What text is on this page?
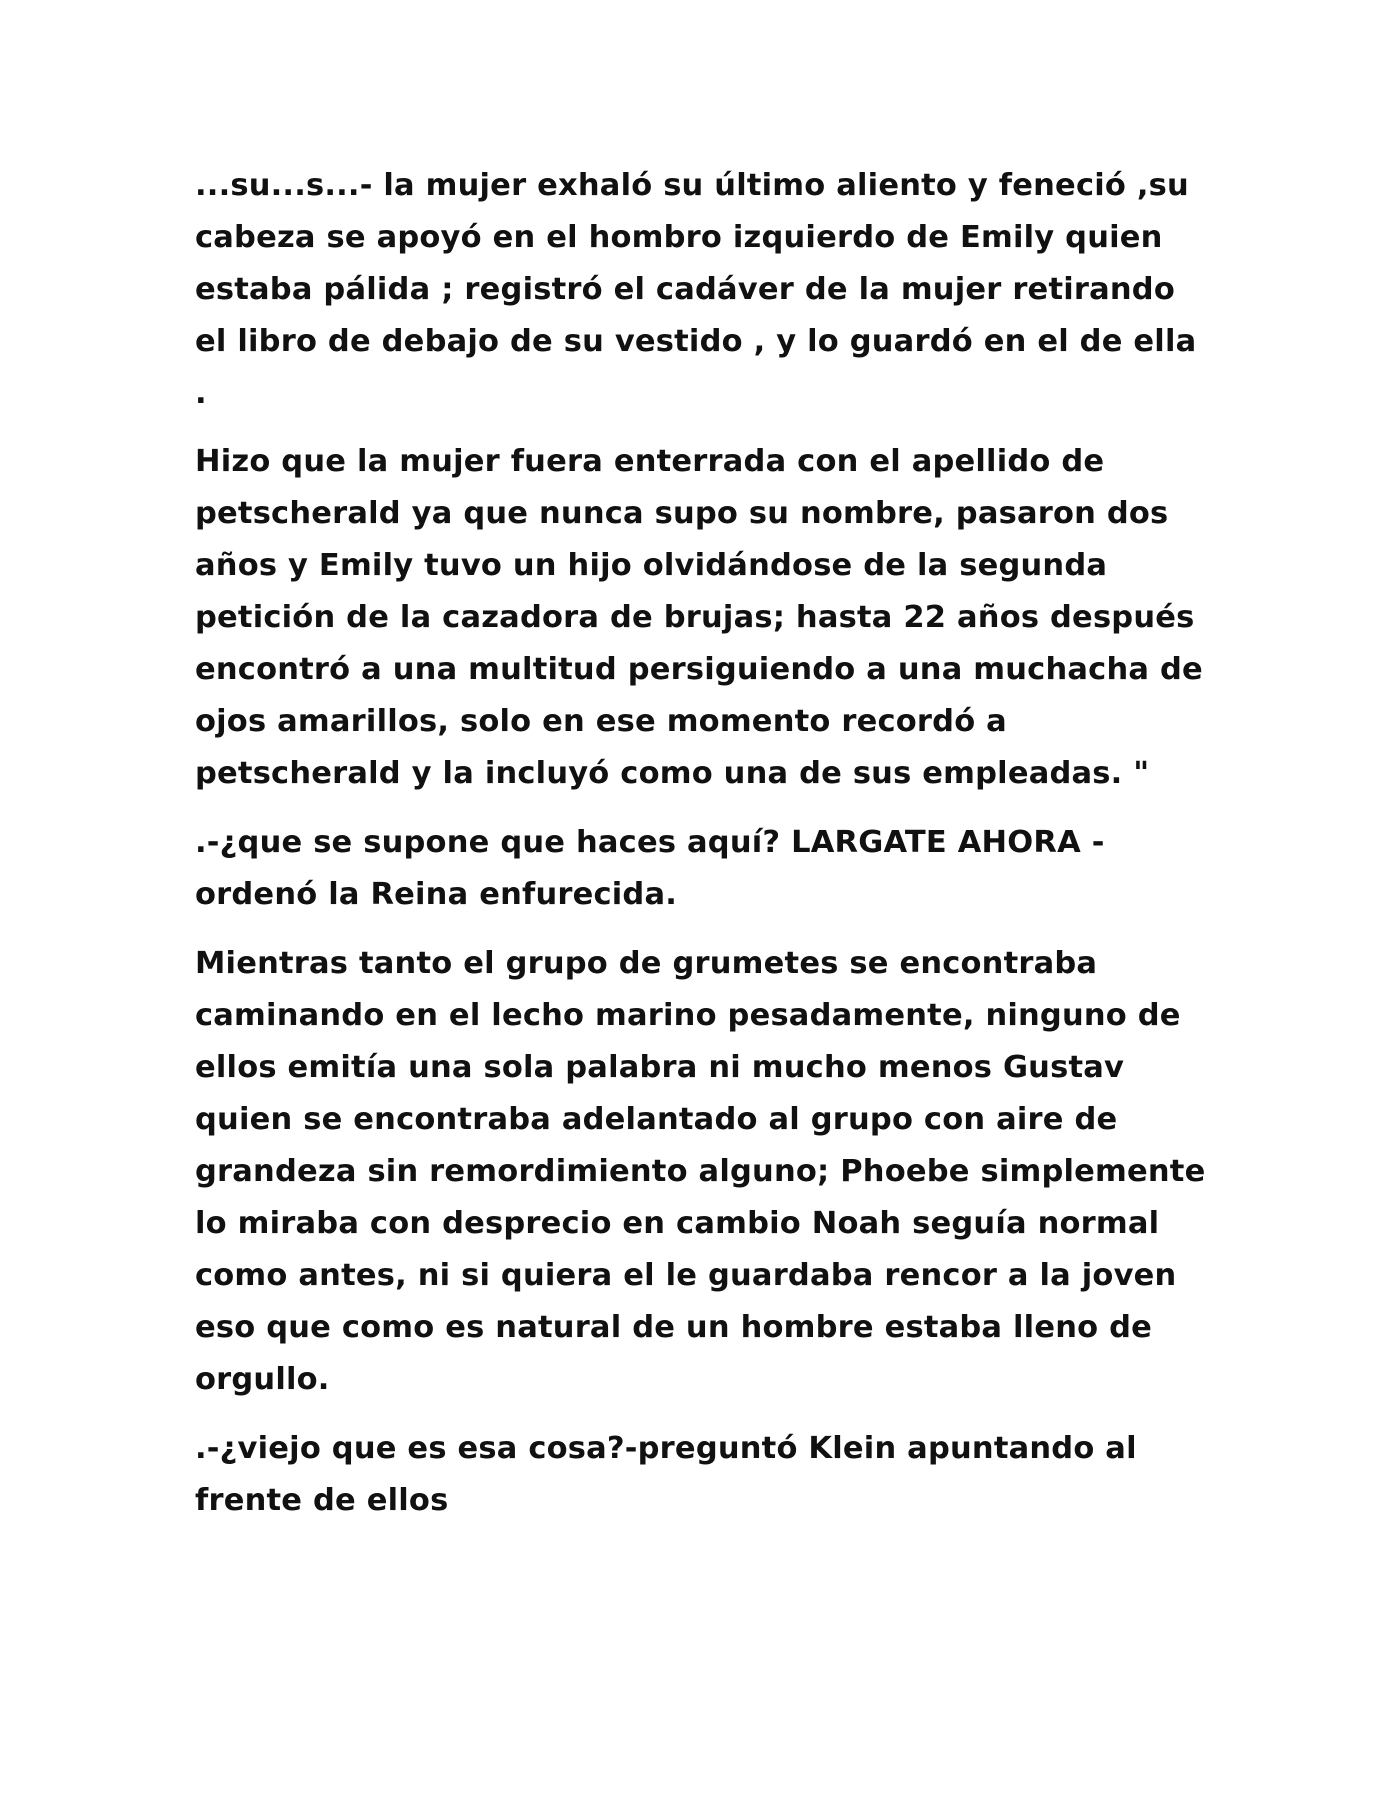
...su...s...- la mujer exhaló su último aliento y feneció ,su
cabeza se apoyó en el hombro izquierdo de Emily quien
estaba pálida ; registró el cadáver de la mujer retirando
el libro de debajo de su vestido , y lo guardó en el de ella
.
Hizo que la mujer fuera enterrada con el apellido de
petscherald ya que nunca supo su nombre, pasaron dos
años y Emily tuvo un hijo olvidándose de la segunda
petición de la cazadora de brujas; hasta 22 años después
encontró a una multitud persiguiendo a una muchacha de
ojos amarillos, solo en ese momento recordó a
petscherald y la incluyó como una de sus empleadas. "
.-¿que se supone que haces aquí? LARGATE AHORA -
ordenó la Reina enfurecida.
Mientras tanto el grupo de grumetes se encontraba
caminando en el lecho marino pesadamente, ninguno de
ellos emitía una sola palabra ni mucho menos Gustav
quien se encontraba adelantado al grupo con aire de
grandeza sin remordimiento alguno; Phoebe simplemente
lo miraba con desprecio en cambio Noah seguía normal
como antes, ni si quiera el le guardaba rencor a la joven
eso que como es natural de un hombre estaba lleno de
orgullo.
.-¿viejo que es esa cosa?-preguntó Klein apuntando al
frente de ellos
